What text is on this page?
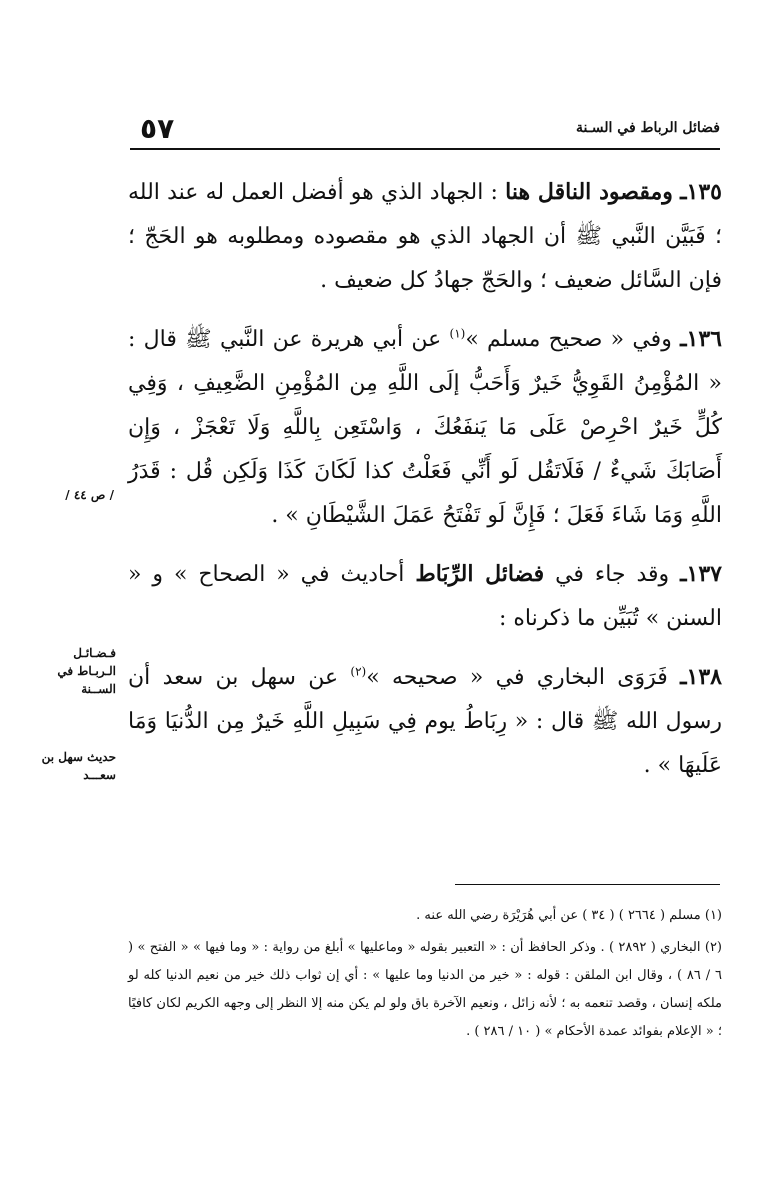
٥٧	فضائل الرباط في السـنة

١٣٥ـ ومقصود الناقل هنا : الجهاد الذي هو أفضل العمل له عند الله ؛ فَبَيَّن النَّبي ﷺ أن الجهاد الذي هو مقصوده ومطلوبه هو الحَجّ ؛ فإن السَّائل ضعيف ؛ والحَجّ جهادُ كل ضعيف .

١٣٦ـ وفي « صحيح مسلم »$^{(١)}$ عن أبي هريرة عن النَّبي ﷺ قال : « المُؤْمِنُ القَوِيُّ خَيرٌ وَأَحَبُّ إلَى اللَّهِ مِن المُؤْمِنِ الضَّعِيفِ ، وَفِي كُلٍّ خَيرٌ احْرِصْ عَلَى مَا يَنفَعُكَ ، وَاسْتَعِن بِاللَّهِ وَلَا تَعْجَزْ ، وَإِن أَصَابَكَ شَيءٌ / فَلَاتَقُل لَو أَنِّي فَعَلْتُ كذا لَكَانَ كَذَا وَلَكِن قُل : قَدَرُ اللَّهِ وَمَا شَاءَ فَعَلَ ؛ فَإِنَّ لَو تَفْتَحُ عَمَلَ الشَّيْطَانِ » .

١٣٧ـ وقد جاء في فضائل الرِّبَاط أحاديث في « الصحاح » و « السنن » تُبَيِّن ما ذكرناه :

١٣٨ـ فَرَوَى البخاري في « صحيحه »$^{(٢)}$ عن سهل بن سعد أن رسول الله ﷺ قال : « رِبَاطُ يوم فِي سَبِيلِ اللَّهِ خَيرٌ مِن الدُّنيَا وَمَا عَلَيهَا » .

/ ص ٤٤ /
فـضـائـل الـربـاط في الســنة
حديث سهل بن سعـــد

(١) مسلم ( ٢٦٦٤ ) ( ٣٤ ) عن أبي هُرَيْرَة رضي الله عنه .

(٢) البخاري ( ٢٨٩٢ ) . وذكر الحافظ أن : « التعبير بقوله « وماعليها » أبلغ من رواية : « وما فيها » « الفتح » ( ٦ / ٨٦ ) ، وقال ابن الملقن : قوله : « خير من الدنيا وما عليها » : أي إن ثواب ذلك خير من نعيم الدنيا كله لو ملكه إنسان ، وقصد تنعمه به ؛ لأنه زائل ، ونعيم الآخرة باق ولو لم يكن منه إلا النظر إلى وجهه الكريم لكان كافيًا ؛ « الإعلام بفوائد عمدة الأحكام » ( ١٠ / ٢٨٦ ) .
